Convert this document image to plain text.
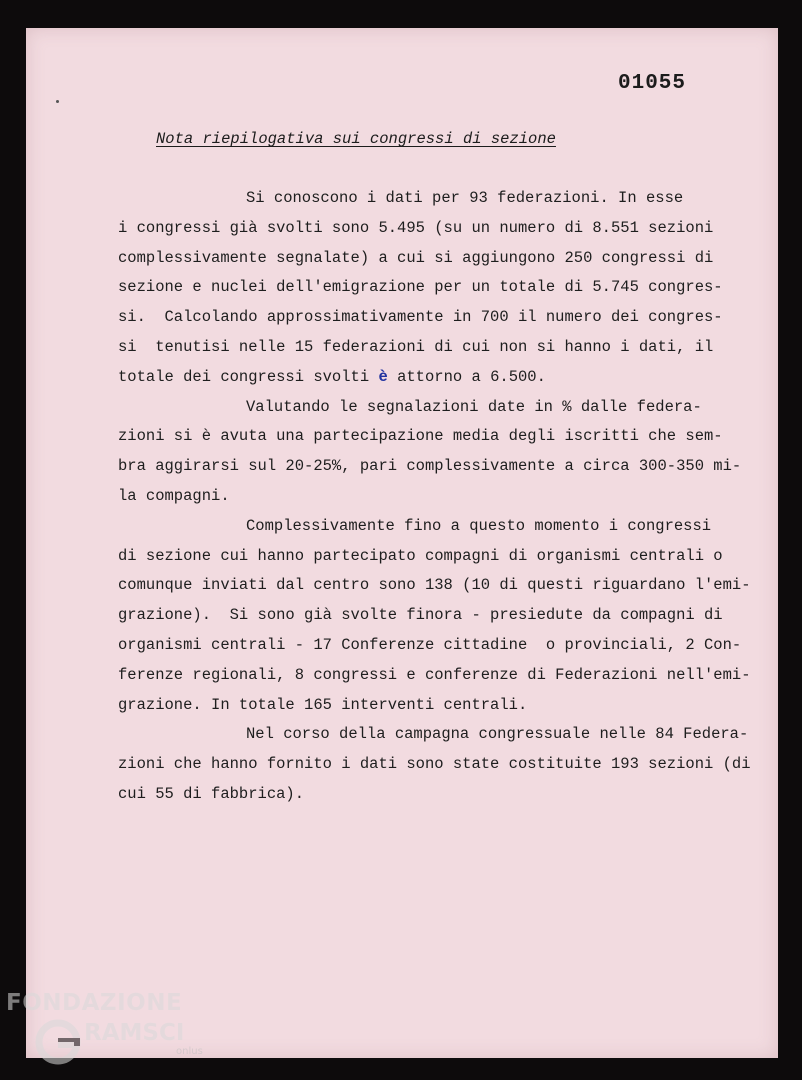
01055

Nota riepilogativa sui congressi di sezione

Si conoscono i dati per 93 federazioni. In esse
i congressi già svolti sono 5.495 (su un numero di 8.551 sezioni
complessivamente segnalate) a cui si aggiungono 250 congressi di
sezione e nuclei dell'emigrazione per un totale di 5.745 congres-
si.  Calcolando approssimativamente in 700 il numero dei congres-
si  tenutisi nelle 15 federazioni di cui non si hanno i dati, il
totale dei congressi svolti è attorno a 6.500.
Valutando le segnalazioni date in % dalle federa-
zioni si è avuta una partecipazione media degli iscritti che sem-
bra aggirarsi sul 20-25%, pari complessivamente a circa 300-350 mi-
la compagni.
Complessivamente fino a questo momento i congressi
di sezione cui hanno partecipato compagni di organismi centrali o
comunque inviati dal centro sono 138 (10 di questi riguardano l'emi-
grazione).  Si sono già svolte finora - presiedute da compagni di
organismi centrali - 17 Conferenze cittadine  o provinciali, 2 Con-
ferenze regionali, 8 congressi e conferenze di Federazioni nell'emi-
grazione. In totale 165 interventi centrali.
Nel corso della campagna congressuale nelle 84 Federa-
zioni che hanno fornito i dati sono state costituite 193 sezioni (di
cui 55 di fabbrica).

FONDAZIONE

RAMSCI

onlus
